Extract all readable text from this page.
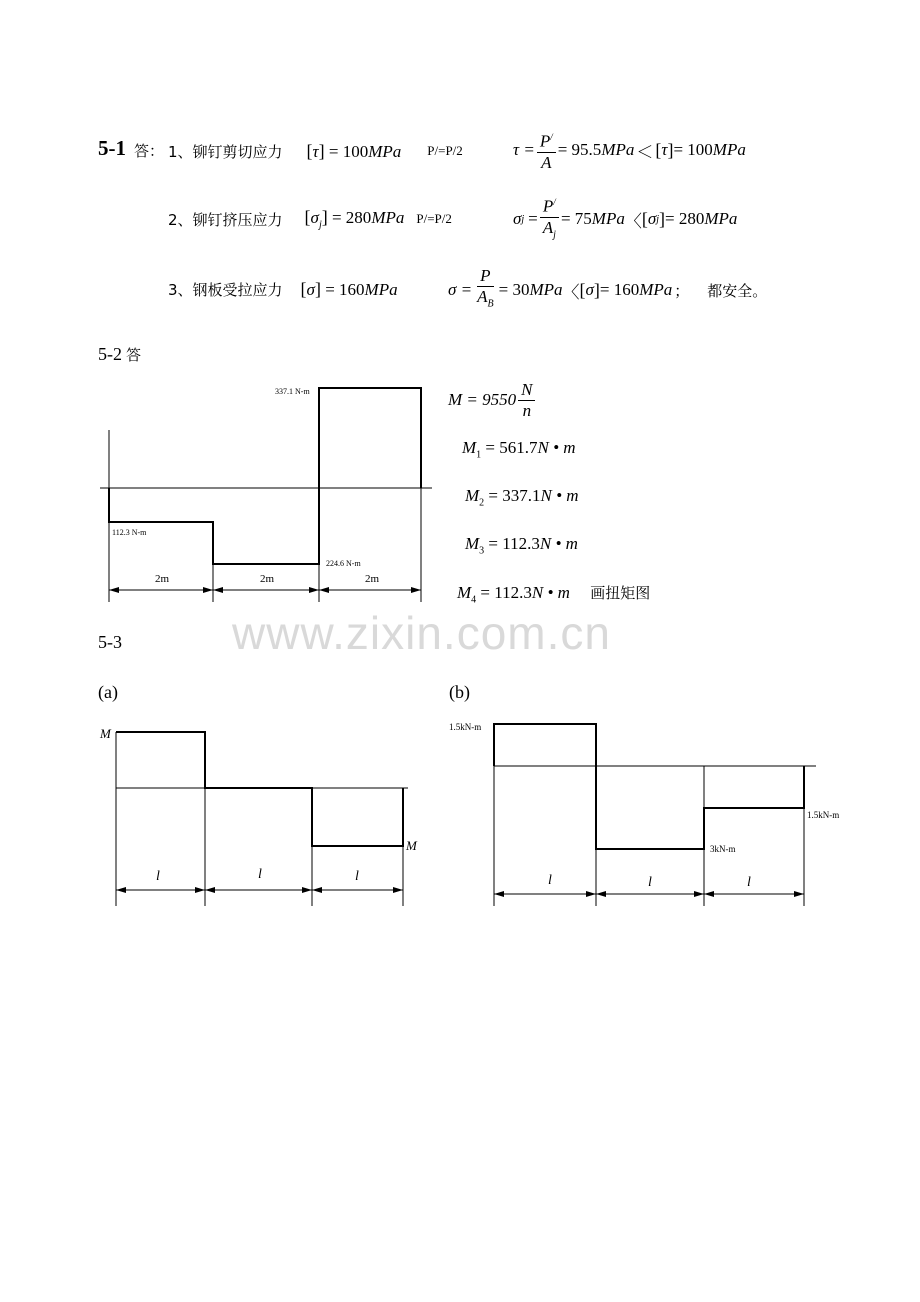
5-1 答： 1、铆钉剪切应力 [τ] = 100MPa P/=P/2	$\tau = \frac{P^/}{A} = 95.5$ MPa ＜ [ τ ] = 100 MPa
2、铆钉挤压应力 $[\sigma_j] = 280MPa$ P/=P/2	σ $j = \frac{P^/}{A_j} = 75$ MPa 〈 [ σ j ] = 280 MPa
3、钢板受拉应力 [σ] = 160MPa	$\sigma = \frac{P}{A_B} = 30$ MPa 〈 [ σ ] = 160 MPa ； 都安全。
5-2 答
337.1 N-m
112.3 N-m
224.6 N-m
2m	2m	2m
$M = 9550 \frac{N}{n}$
$M_1 = 561.7N$ • m
$M_2 = 337.1N$ • m
$M_3 = 112.3N$ • m
$M_4 = 112.3N$ • m 画扭矩图
www.zixin.com.cn
5-3
(a)	(b)
M
M
l	l	l
1.5kN-m
3kN-m
1.5kN-m
l	l	l
